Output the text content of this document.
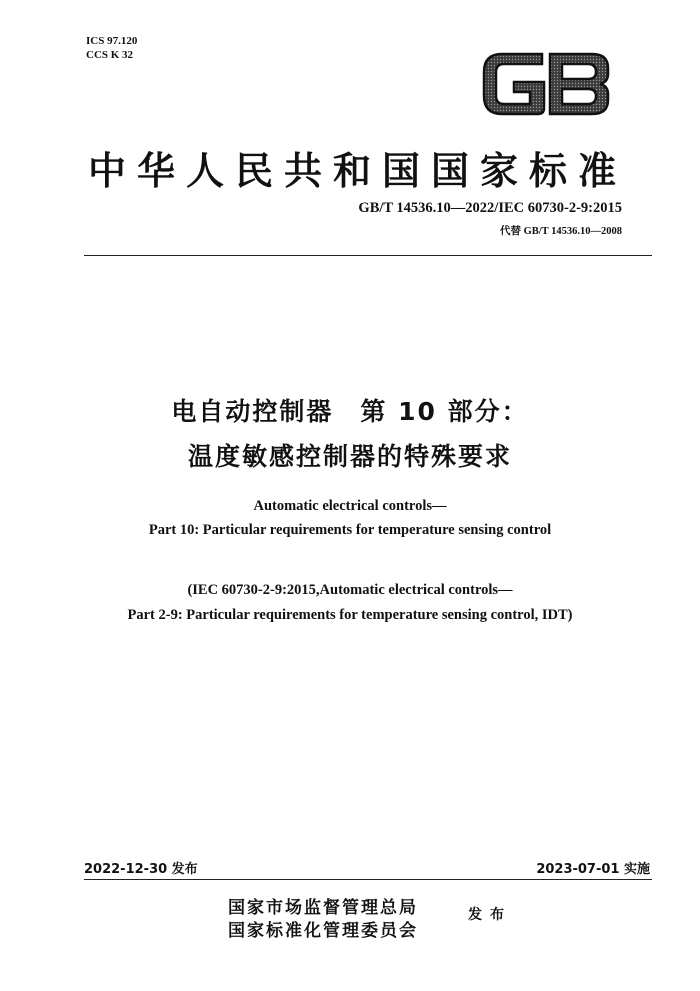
ICS 97.120
CCS K 32
中华人民共和国国家标准
GB/T 14536.10—2022/IEC 60730-2-9:2015
代替 GB/T 14536.10—2008
电自动控制器　第 10 部分：
温度敏感控制器的特殊要求
Automatic electrical controls—
Part 10: Particular requirements for temperature sensing control
(IEC 60730-2-9:2015,Automatic electrical controls—
Part 2-9: Particular requirements for temperature sensing control, IDT)
2022-12-30 发布	2023-07-01 实施
国家市场监督管理总局
国家标准化管理委员会
发布
